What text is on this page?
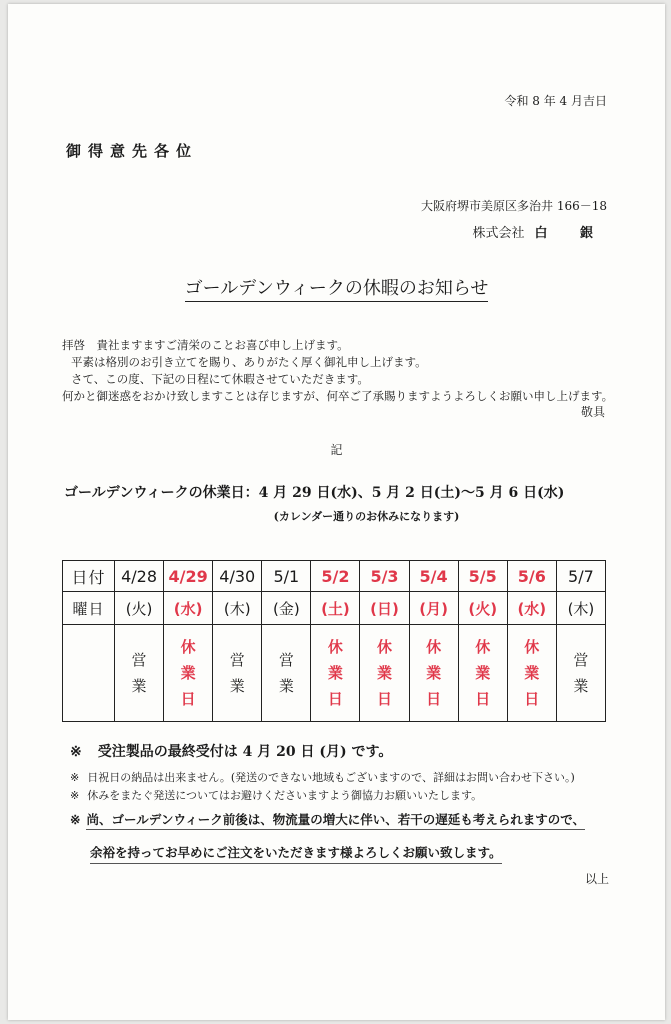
令和 8 年 4 月吉日
御得意先各位
大阪府堺市美原区多治井 166－18
株式会社 白 銀
ゴールデンウィークの休暇のお知らせ
拝啓　貴社ますますご清栄のことお喜び申し上げます。
平素は格別のお引き立てを賜り、ありがたく厚く御礼申し上げます。
さて、この度、下記の日程にて休暇させていただきます。
何かと御迷惑をおかけ致しますことは存じますが、何卒ご了承賜りますようよろしくお願い申し上げます。
敬具
記
ゴールデンウィークの休業日：4 月 29 日(水)、5 月 2 日(土)～5 月 6 日(水)
(カレンダー通りのお休みになります)
日付	4/28	4/29	4/30	5/1	5/2	5/3	5/4	5/5	5/6	5/7
曜日	(火)	(水)	(木)	(金)	(土)	(日)	(月)	(火)	(水)	(木)
	営業	休業日	営業	営業	休業日	休業日	休業日	休業日	休業日	営業
※ 受注製品の最終受付は 4 月 20 日 (月) です。
※ 日祝日の納品は出来ません。(発送のできない地域もございますので、詳細はお問い合わせ下さい。)
※ 休みをまたぐ発送についてはお避けくださいますよう御協力お願いいたします。
※ 尚、ゴールデンウィーク前後は、物流量の増大に伴い、若干の遅延も考えられますので、
余裕を持ってお早めにご注文をいただきます様よろしくお願い致します。
以上
